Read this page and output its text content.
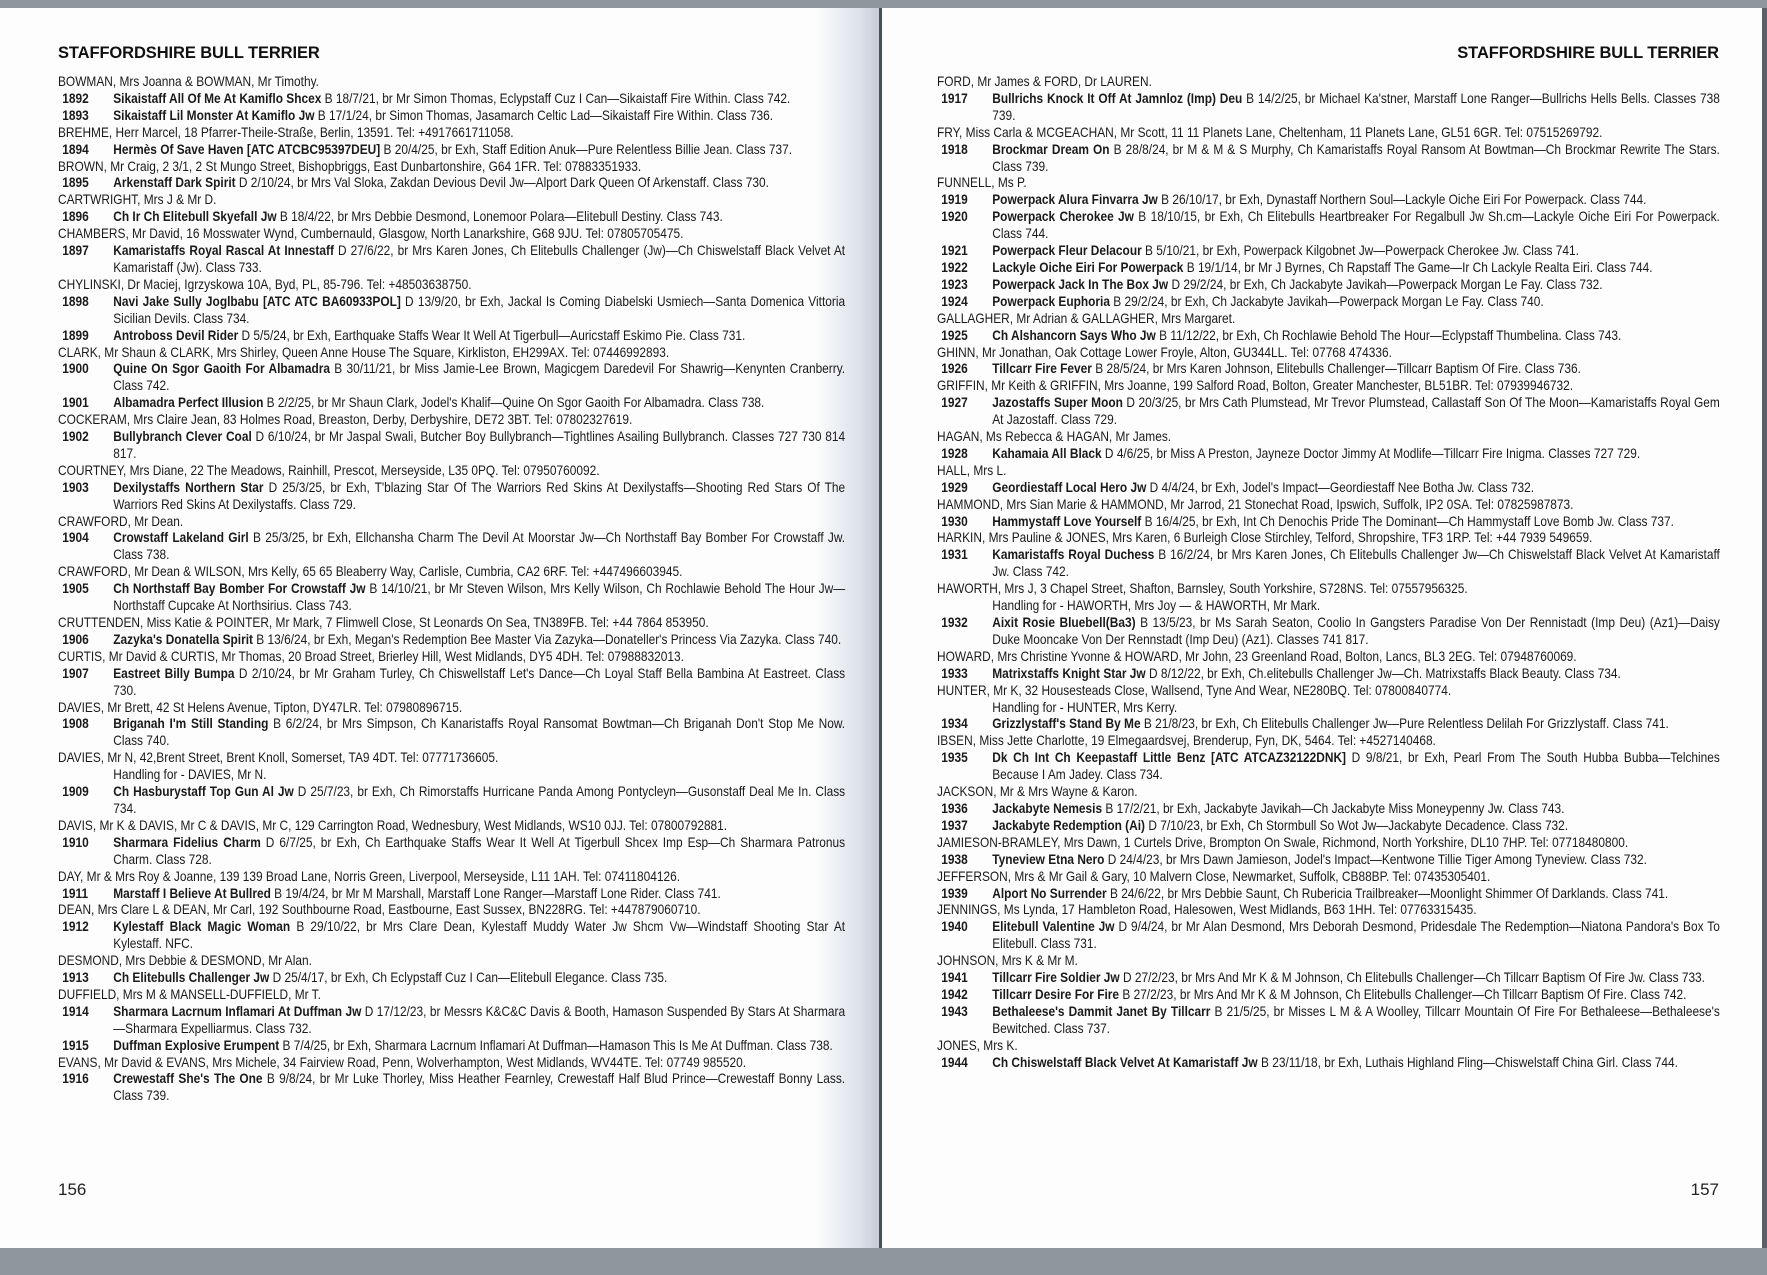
STAFFORDSHIRE BULL TERRIER	STAFFORDSHIRE BULL TERRIER
BOWMAN, Mrs Joanna & BOWMAN, Mr Timothy.
1892 Sikaistaff All Of Me At Kamiflo Shcex B 18/7/21, br Mr Simon Thomas, Eclypstaff Cuz I Can—Sikaistaff Fire Within. Class 742.
1893 Sikaistaff Lil Monster At Kamiflo Jw B 17/1/24, br Simon Thomas, Jasamarch Celtic Lad—Sikaistaff Fire Within. Class 736.
BREHME, Herr Marcel, 18 Pfarrer-Theile-Straße, Berlin, 13591. Tel: +4917661711058.
1894 Hermès Of Save Haven [ATC ATCBC95397DEU] B 20/4/25, br Exh, Staff Edition Anuk—Pure Relentless Billie Jean. Class 737.
BROWN, Mr Craig, 2 3/1, 2 St Mungo Street, Bishopbriggs, East Dunbartonshire, G64 1FR. Tel: 07883351933.
1895 Arkenstaff Dark Spirit D 2/10/24, br Mrs Val Sloka, Zakdan Devious Devil Jw—Alport Dark Queen Of Arkenstaff. Class 730.
CARTWRIGHT, Mrs J & Mr D.
1896 Ch Ir Ch Elitebull Skyefall Jw B 18/4/22, br Mrs Debbie Desmond, Lonemoor Polara—Elitebull Destiny. Class 743.
CHAMBERS, Mr David, 16 Mosswater Wynd, Cumbernauld, Glasgow, North Lanarkshire, G68 9JU. Tel: 07805705475.
1897 Kamaristaffs Royal Rascal At Innestaff D 27/6/22, br Mrs Karen Jones, Ch Elitebulls Challenger (Jw)—Ch Chiswelstaff Black Velvet At Kamaristaff (Jw). Class 733.
CHYLINSKI, Dr Maciej, Igrzyskowa 10A, Byd, PL, 85-796. Tel: +48503638750.
1898 Navi Jake Sully Joglbabu [ATC ATC BA60933POL] D 13/9/20, br Exh, Jackal Is Coming Diabelski Usmiech—Santa Domenica Vittoria Sicilian Devils. Class 734.
1899 Antroboss Devil Rider D 5/5/24, br Exh, Earthquake Staffs Wear It Well At Tigerbull—Auricstaff Eskimo Pie. Class 731.
CLARK, Mr Shaun & CLARK, Mrs Shirley, Queen Anne House The Square, Kirkliston, EH299AX. Tel: 07446992893.
1900 Quine On Sgor Gaoith For Albamadra B 30/11/21, br Miss Jamie-Lee Brown, Magicgem Daredevil For Shawrig—Kenynten Cranberry. Class 742.
1901 Albamadra Perfect Illusion B 2/2/25, br Mr Shaun Clark, Jodel's Khalif—Quine On Sgor Gaoith For Albamadra. Class 738.
COCKERAM, Mrs Claire Jean, 83 Holmes Road, Breaston, Derby, Derbyshire, DE72 3BT. Tel: 07802327619.
1902 Bullybranch Clever Coal D 6/10/24, br Mr Jaspal Swali, Butcher Boy Bullybranch—Tightlines Asailing Bullybranch. Classes 727 730 814 817.
COURTNEY, Mrs Diane, 22 The Meadows, Rainhill, Prescot, Merseyside, L35 0PQ. Tel: 07950760092.
1903 Dexilystaffs Northern Star D 25/3/25, br Exh, T'blazing Star Of The Warriors Red Skins At Dexilystaffs—Shooting Red Stars Of The Warriors Red Skins At Dexilystaffs. Class 729.
CRAWFORD, Mr Dean.
1904 Crowstaff Lakeland Girl B 25/3/25, br Exh, Ellchansha Charm The Devil At Moorstar Jw—Ch Northstaff Bay Bomber For Crowstaff Jw. Class 738.
CRAWFORD, Mr Dean & WILSON, Mrs Kelly, 65 65 Bleaberry Way, Carlisle, Cumbria, CA2 6RF. Tel: +447496603945.
1905 Ch Northstaff Bay Bomber For Crowstaff Jw B 14/10/21, br Mr Steven Wilson, Mrs Kelly Wilson, Ch Rochlawie Behold The Hour Jw—Northstaff Cupcake At Northsirius. Class 743.
CRUTTENDEN, Miss Katie & POINTER, Mr Mark, 7 Flimwell Close, St Leonards On Sea, TN389FB. Tel: +44 7864 853950.
1906 Zazyka's Donatella Spirit B 13/6/24, br Exh, Megan's Redemption Bee Master Via Zazyka—Donateller's Princess Via Zazyka. Class 740.
CURTIS, Mr David & CURTIS, Mr Thomas, 20 Broad Street, Brierley Hill, West Midlands, DY5 4DH. Tel: 07988832013.
1907 Eastreet Billy Bumpa D 2/10/24, br Mr Graham Turley, Ch Chiswellstaff Let's Dance—Ch Loyal Staff Bella Bambina At Eastreet. Class 730.
DAVIES, Mr Brett, 42 St Helens Avenue, Tipton, DY47LR. Tel: 07980896715.
1908 Briganah I'm Still Standing B 6/2/24, br Mrs Simpson, Ch Kanaristaffs Royal Ransomat Bowtman—Ch Briganah Don't Stop Me Now. Class 740.
DAVIES, Mr N, 42,Brent Street, Brent Knoll, Somerset, TA9 4DT. Tel: 07771736605.
Handling for - DAVIES, Mr N.
1909 Ch Hasburystaff Top Gun Al Jw D 25/7/23, br Exh, Ch Rimorstaffs Hurricane Panda Among Pontycleyn—Gusonstaff Deal Me In. Class 734.
DAVIS, Mr K & DAVIS, Mr C & DAVIS, Mr C, 129 Carrington Road, Wednesbury, West Midlands, WS10 0JJ. Tel: 07800792881.
1910 Sharmara Fidelius Charm D 6/7/25, br Exh, Ch Earthquake Staffs Wear It Well At Tigerbull Shcex Imp Esp—Ch Sharmara Patronus Charm. Class 728.
DAY, Mr & Mrs Roy & Joanne, 139 139 Broad Lane, Norris Green, Liverpool, Merseyside, L11 1AH. Tel: 07411804126.
1911 Marstaff I Believe At Bullred B 19/4/24, br Mr M Marshall, Marstaff Lone Ranger—Marstaff Lone Rider. Class 741.
DEAN, Mrs Clare L & DEAN, Mr Carl, 192 Southbourne Road, Eastbourne, East Sussex, BN228RG. Tel: +447879060710.
1912 Kylestaff Black Magic Woman B 29/10/22, br Mrs Clare Dean, Kylestaff Muddy Water Jw Shcm Vw—Windstaff Shooting Star At Kylestaff. NFC.
DESMOND, Mrs Debbie & DESMOND, Mr Alan.
1913 Ch Elitebulls Challenger Jw D 25/4/17, br Exh, Ch Eclypstaff Cuz I Can—Elitebull Elegance. Class 735.
DUFFIELD, Mrs M & MANSELL-DUFFIELD, Mr T.
1914 Sharmara Lacrnum Inflamari At Duffman Jw D 17/12/23, br Messrs K&C&C Davis & Booth, Hamason Suspended By Stars At Sharmara—Sharmara Expelliarmus. Class 732.
1915 Duffman Explosive Erumpent B 7/4/25, br Exh, Sharmara Lacrnum Inflamari At Duffman—Hamason This Is Me At Duffman. Class 738.
EVANS, Mr David & EVANS, Mrs Michele, 34 Fairview Road, Penn, Wolverhampton, West Midlands, WV44TE. Tel: 07749 985520.
1916 Crewestaff She's The One B 9/8/24, br Mr Luke Thorley, Miss Heather Fearnley, Crewestaff Half Blud Prince—Crewestaff Bonny Lass. Class 739.
FORD, Mr James & FORD, Dr LAUREN.
1917 Bullrichs Knock It Off At Jamnloz (Imp) Deu B 14/2/25, br Michael Ka'stner, Marstaff Lone Ranger—Bullrichs Hells Bells. Classes 738 739.
FRY, Miss Carla & MCGEACHAN, Mr Scott, 11 11 Planets Lane, Cheltenham, 11 Planets Lane, GL51 6GR. Tel: 07515269792.
1918 Brockmar Dream On B 28/8/24, br M & M & S Murphy, Ch Kamaristaffs Royal Ransom At Bowtman—Ch Brockmar Rewrite The Stars. Class 739.
FUNNELL, Ms P.
1919 Powerpack Alura Finvarra Jw B 26/10/17, br Exh, Dynastaff Northern Soul—Lackyle Oiche Eiri For Powerpack. Class 744.
1920 Powerpack Cherokee Jw B 18/10/15, br Exh, Ch Elitebulls Heartbreaker For Regalbull Jw Sh.cm—Lackyle Oiche Eiri For Powerpack. Class 744.
1921 Powerpack Fleur Delacour B 5/10/21, br Exh, Powerpack Kilgobnet Jw—Powerpack Cherokee Jw. Class 741.
1922 Lackyle Oiche Eiri For Powerpack B 19/1/14, br Mr J Byrnes, Ch Rapstaff The Game—Ir Ch Lackyle Realta Eiri. Class 744.
1923 Powerpack Jack In The Box Jw D 29/2/24, br Exh, Ch Jackabyte Javikah—Powerpack Morgan Le Fay. Class 732.
1924 Powerpack Euphoria B 29/2/24, br Exh, Ch Jackabyte Javikah—Powerpack Morgan Le Fay. Class 740.
GALLAGHER, Mr Adrian & GALLAGHER, Mrs Margaret.
1925 Ch Alshancorn Says Who Jw B 11/12/22, br Exh, Ch Rochlawie Behold The Hour—Eclypstaff Thumbelina. Class 743.
GHINN, Mr Jonathan, Oak Cottage Lower Froyle, Alton, GU344LL. Tel: 07768 474336.
1926 Tillcarr Fire Fever B 28/5/24, br Mrs Karen Johnson, Elitebulls Challenger—Tillcarr Baptism Of Fire. Class 736.
GRIFFIN, Mr Keith & GRIFFIN, Mrs Joanne, 199 Salford Road, Bolton, Greater Manchester, BL51BR. Tel: 07939946732.
1927 Jazostaffs Super Moon D 20/3/25, br Mrs Cath Plumstead, Mr Trevor Plumstead, Callastaff Son Of The Moon—Kamaristaffs Royal Gem At Jazostaff. Class 729.
HAGAN, Ms Rebecca & HAGAN, Mr James.
1928 Kahamaia All Black D 4/6/25, br Miss A Preston, Jayneze Doctor Jimmy At Modlife—Tillcarr Fire Inigma. Classes 727 729.
HALL, Mrs L.
1929 Geordiestaff Local Hero Jw D 4/4/24, br Exh, Jodel's Impact—Geordiestaff Nee Botha Jw. Class 732.
HAMMOND, Mrs Sian Marie & HAMMOND, Mr Jarrod, 21 Stonechat Road, Ipswich, Suffolk, IP2 0SA. Tel: 07825987873.
1930 Hammystaff Love Yourself B 16/4/25, br Exh, Int Ch Denochis Pride The Dominant—Ch Hammystaff Love Bomb Jw. Class 737.
HARKIN, Mrs Pauline & JONES, Mrs Karen, 6 Burleigh Close Stirchley, Telford, Shropshire, TF3 1RP. Tel: +44 7939 549659.
1931 Kamaristaffs Royal Duchess B 16/2/24, br Mrs Karen Jones, Ch Elitebulls Challenger Jw—Ch Chiswelstaff Black Velvet At Kamaristaff Jw. Class 742.
HAWORTH, Mrs J, 3 Chapel Street, Shafton, Barnsley, South Yorkshire, S728NS. Tel: 07557956325.
Handling for - HAWORTH, Mrs Joy — & HAWORTH, Mr Mark.
1932 Aixit Rosie Bluebell(Ba3) B 13/5/23, br Ms Sarah Seaton, Coolio In Gangsters Paradise Von Der Rennistadt (Imp Deu) (Az1)—Daisy Duke Mooncake Von Der Rennstadt (Imp Deu) (Az1). Classes 741 817.
HOWARD, Mrs Christine Yvonne & HOWARD, Mr John, 23 Greenland Road, Bolton, Lancs, BL3 2EG. Tel: 07948760069.
1933 Matrixstaffs Knight Star Jw D 8/12/22, br Exh, Ch.elitebulls Challenger Jw—Ch. Matrixstaffs Black Beauty. Class 734.
HUNTER, Mr K, 32 Housesteads Close, Wallsend, Tyne And Wear, NE280BQ. Tel: 07800840774.
Handling for - HUNTER, Mrs Kerry.
1934 Grizzlystaff's Stand By Me B 21/8/23, br Exh, Ch Elitebulls Challenger Jw—Pure Relentless Delilah For Grizzlystaff. Class 741.
IBSEN, Miss Jette Charlotte, 19 Elmegaardsvej, Brenderup, Fyn, DK, 5464. Tel: +4527140468.
1935 Dk Ch Int Ch Keepastaff Little Benz [ATC ATCAZ32122DNK] D 9/8/21, br Exh, Pearl From The South Hubba Bubba—Telchines Because I Am Jadey. Class 734.
JACKSON, Mr & Mrs Wayne & Karon.
1936 Jackabyte Nemesis B 17/2/21, br Exh, Jackabyte Javikah—Ch Jackabyte Miss Moneypenny Jw. Class 743.
1937 Jackabyte Redemption (Ai) D 7/10/23, br Exh, Ch Stormbull So Wot Jw—Jackabyte Decadence. Class 732.
JAMIESON-BRAMLEY, Mrs Dawn, 1 Curtels Drive, Brompton On Swale, Richmond, North Yorkshire, DL10 7HP. Tel: 07718480800.
1938 Tyneview Etna Nero D 24/4/23, br Mrs Dawn Jamieson, Jodel's Impact—Kentwone Tillie Tiger Among Tyneview. Class 732.
JEFFERSON, Mrs & Mr Gail & Gary, 10 Malvern Close, Newmarket, Suffolk, CB88BP. Tel: 07435305401.
1939 Alport No Surrender B 24/6/22, br Mrs Debbie Saunt, Ch Rubericia Trailbreaker—Moonlight Shimmer Of Darklands. Class 741.
JENNINGS, Ms Lynda, 17 Hambleton Road, Halesowen, West Midlands, B63 1HH. Tel: 07763315435.
1940 Elitebull Valentine Jw D 9/4/24, br Mr Alan Desmond, Mrs Deborah Desmond, Pridesdale The Redemption—Niatona Pandora's Box To Elitebull. Class 731.
JOHNSON, Mrs K & Mr M.
1941 Tillcarr Fire Soldier Jw D 27/2/23, br Mrs And Mr K & M Johnson, Ch Elitebulls Challenger—Ch Tillcarr Baptism Of Fire Jw. Class 733.
1942 Tillcarr Desire For Fire B 27/2/23, br Mrs And Mr K & M Johnson, Ch Elitebulls Challenger—Ch Tillcarr Baptism Of Fire. Class 742.
1943 Bethaleese's Dammit Janet By Tillcarr B 21/5/25, br Misses L M & A Woolley, Tillcarr Mountain Of Fire For Bethaleese—Bethaleese's Bewitched. Class 737.
JONES, Mrs K.
1944 Ch Chiswelstaff Black Velvet At Kamaristaff Jw B 23/11/18, br Exh, Luthais Highland Fling—Chiswelstaff China Girl. Class 744.
156	157
